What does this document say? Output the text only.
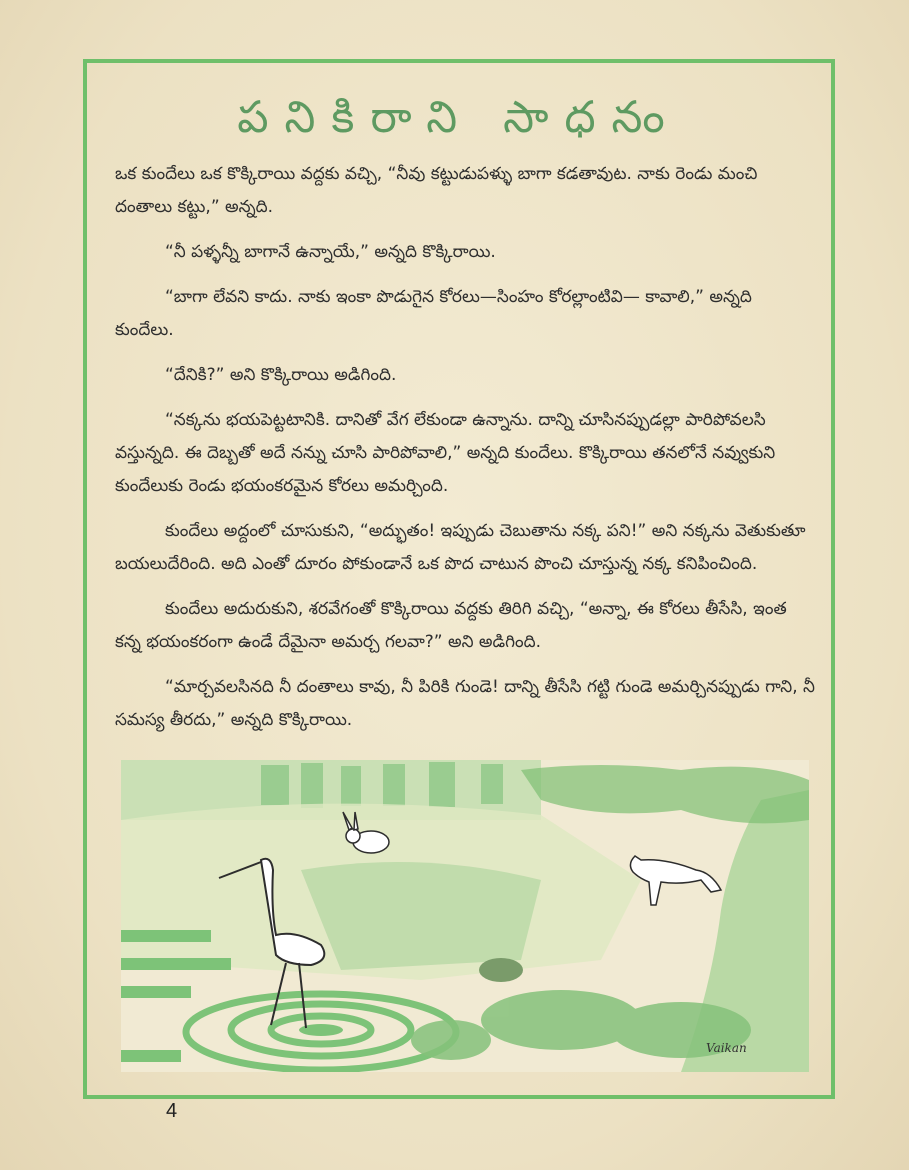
పనికిరాని సాధనం

ఒక కుందేలు ఒక కొక్కిరాయి వద్దకు వచ్చి, “నీవు కట్టుడుపళ్ళు బాగా కడతావుట. నాకు రెండు మంచి దంతాలు కట్టు,” అన్నది.

“నీ పళ్ళన్నీ బాగానే ఉన్నాయే,” అన్నది కొక్కిరాయి.

“బాగా లేవని కాదు. నాకు ఇంకా పొడుగైన కోరలు—సింహం కోరల్లాంటివి— కావాలి,” అన్నది కుందేలు.

“దేనికి?” అని కొక్కిరాయి అడిగింది.

“నక్కను భయపెట్టటానికి. దానితో వేగ లేకుండా ఉన్నాను. దాన్ని చూసినప్పుడల్లా పారిపోవలసి వస్తున్నది. ఈ దెబ్బతో అదే నన్ను చూసి పారిపోవాలి,” అన్నది కుందేలు. కొక్కిరాయి తనలోనే నవ్వుకుని కుందేలుకు రెండు భయంకరమైన కోరలు అమర్చింది.

కుందేలు అద్దంలో చూసుకుని, “అద్భుతం! ఇప్పుడు చెబుతాను నక్క పని!” అని నక్కను వెతుకుతూ బయలుదేరింది. అది ఎంతో దూరం పోకుండానే ఒక పొద చాటున పొంచి చూస్తున్న నక్క కనిపించింది.

కుందేలు అదురుకుని, శరవేగంతో కొక్కిరాయి వద్దకు తిరిగి వచ్చి, “అన్నా, ఈ కోరలు తీసేసి, ఇంత కన్న భయంకరంగా ఉండే దేమైనా అమర్చ గలవా?” అని అడిగింది.

“మార్చవలసినది నీ దంతాలు కావు, నీ పిరికి గుండె! దాన్ని తీసేసి గట్టి గుండె అమర్చినప్పుడు గాని, నీ సమస్య తీరదు,” అన్నది కొక్కిరాయి.

Vaikan
4
